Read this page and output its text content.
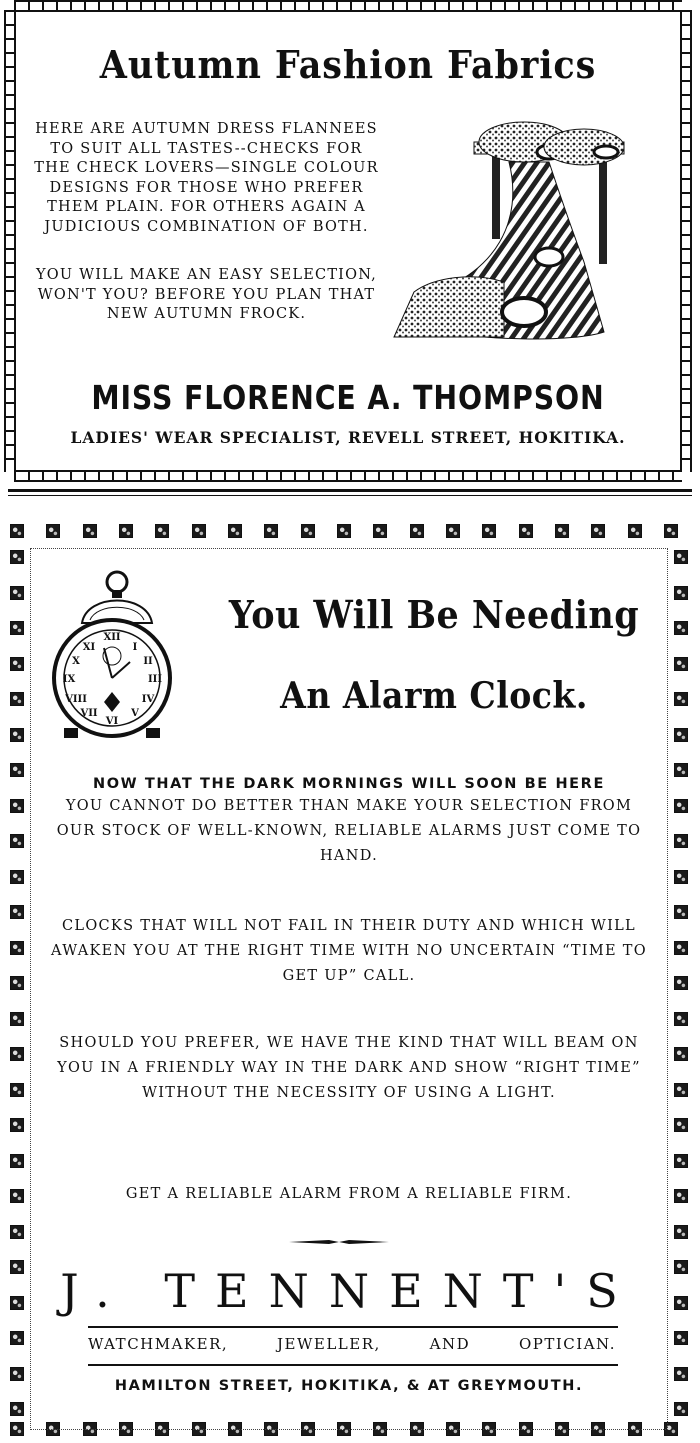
Autumn Fashion Fabrics
HERE ARE AUTUMN DRESS FLANNEES TO SUIT ALL TASTES--CHECKS FOR THE CHECK LOVERS—SINGLE COLOUR DESIGNS FOR THOSE WHO PREFER THEM PLAIN. FOR OTHERS AGAIN A JUDICIOUS COMBINATION OF BOTH.
YOU WILL MAKE AN EASY SELECTION, WON'T YOU? BEFORE YOU PLAN THAT NEW AUTUMN FROCK.
MISS FLORENCE A. THOMPSON
LADIES' WEAR SPECIALIST, REVELL STREET, HOKITIKA.
XII
VI
III
IX
I
II
IV
V
VII
VIII
X
XI
You Will Be Needing
An Alarm Clock.
NOW THAT THE DARK MORNINGS WILL SOON BE HERE
YOU CANNOT DO BETTER THAN MAKE YOUR SELECTION FROM OUR STOCK OF WELL-KNOWN, RELIABLE ALARMS JUST COME TO HAND.
CLOCKS THAT WILL NOT FAIL IN THEIR DUTY AND WHICH WILL AWAKEN YOU AT THE RIGHT TIME WITH NO UNCERTAIN “TIME TO GET UP” CALL.
SHOULD YOU PREFER, WE HAVE THE KIND THAT WILL BEAM ON YOU IN A FRIENDLY WAY IN THE DARK AND SHOW “RIGHT TIME” WITHOUT THE NECESSITY OF USING A LIGHT.
GET A RELIABLE ALARM FROM A RELIABLE FIRM.
J. TENNENT'S
WATCHMAKER,	JEWELLER,	AND	OPTICIAN.
HAMILTON STREET, HOKITIKA, & AT GREYMOUTH.
